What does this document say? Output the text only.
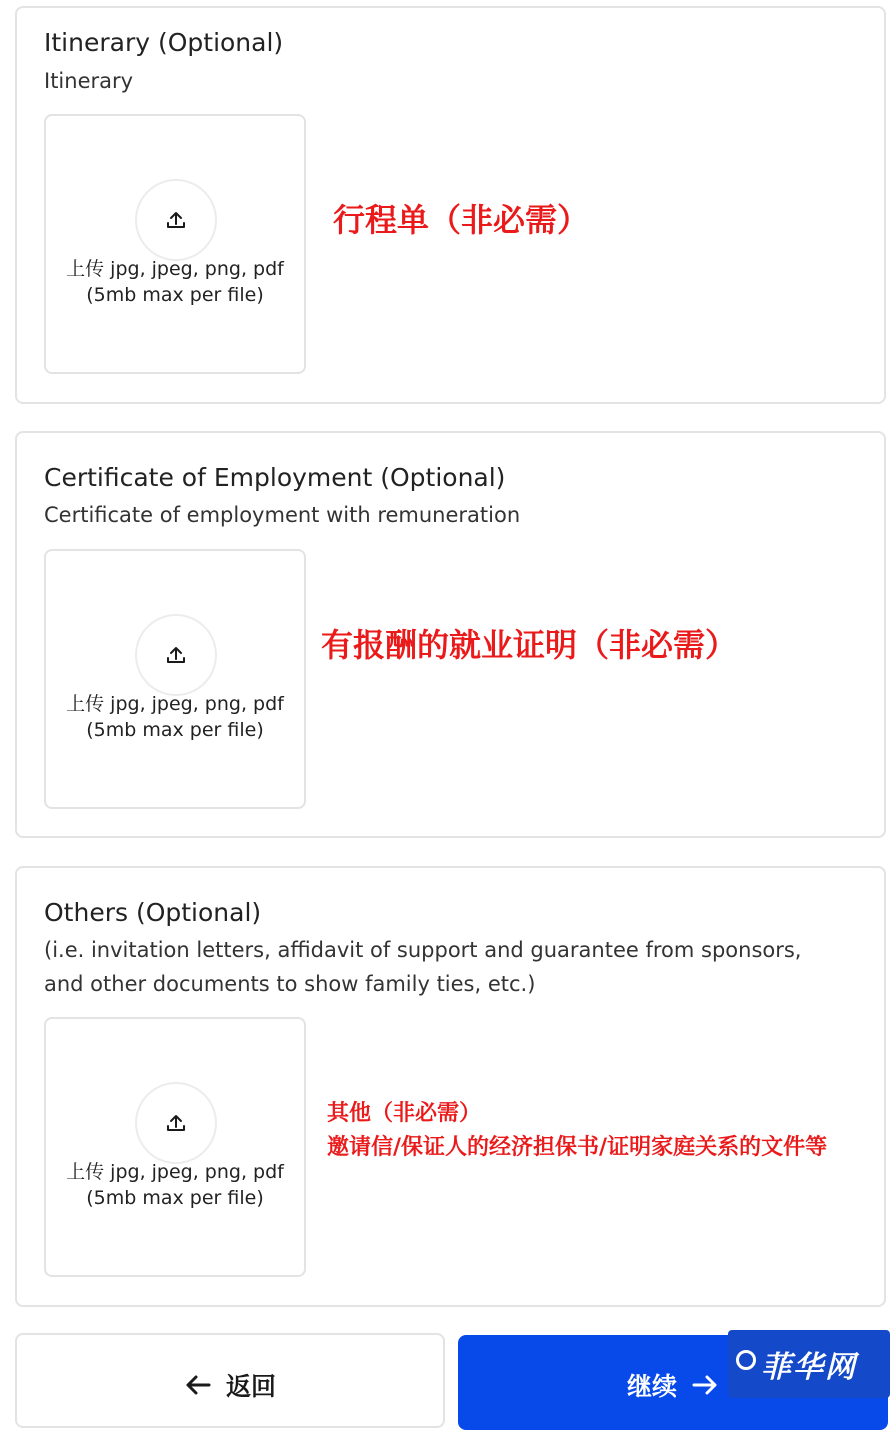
Itinerary (Optional)
Itinerary
上传 jpg, jpeg, png, pdf
(5mb max per file)
行程单（非必需）
Certificate of Employment (Optional)
Certificate of employment with remuneration
上传 jpg, jpeg, png, pdf
(5mb max per file)
有报酬的就业证明（非必需）
Others (Optional)
(i.e. invitation letters, affidavit of support and guarantee from sponsors,
and other documents to show family ties, etc.)
上传 jpg, jpeg, png, pdf
(5mb max per file)
其他（非必需）
邀请信/保证人的经济担保书/证明家庭关系的文件等
返回	继续
菲华网
